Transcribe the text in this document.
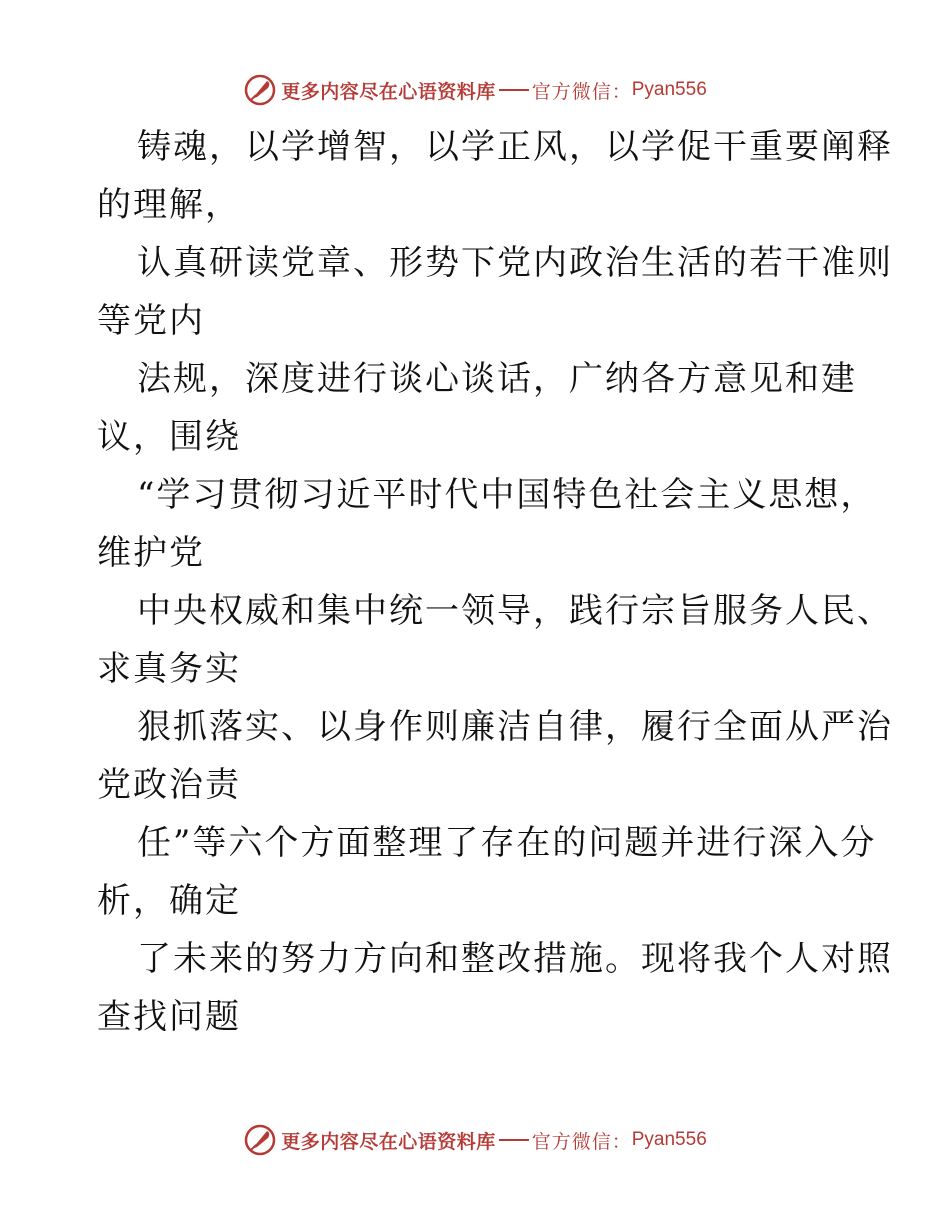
更多内容尽在心语资料库 官方微信： Pyan556
铸魂，以学增智，以学正风，以学促干重要阐释
的理解，
认真研读党章、形势下党内政治生活的若干准则
等党内
法规，深度进行谈心谈话，广纳各方意见和建
议，围绕
“学习贯彻习近平时代中国特色社会主义思想，
维护党
中央权威和集中统一领导，践行宗旨服务人民、
求真务实
狠抓落实、以身作则廉洁自律，履行全面从严治
党政治责
任”等六个方面整理了存在的问题并进行深入分
析，确定
了未来的努力方向和整改措施。现将我个人对照
查找问题
更多内容尽在心语资料库 官方微信： Pyan556
